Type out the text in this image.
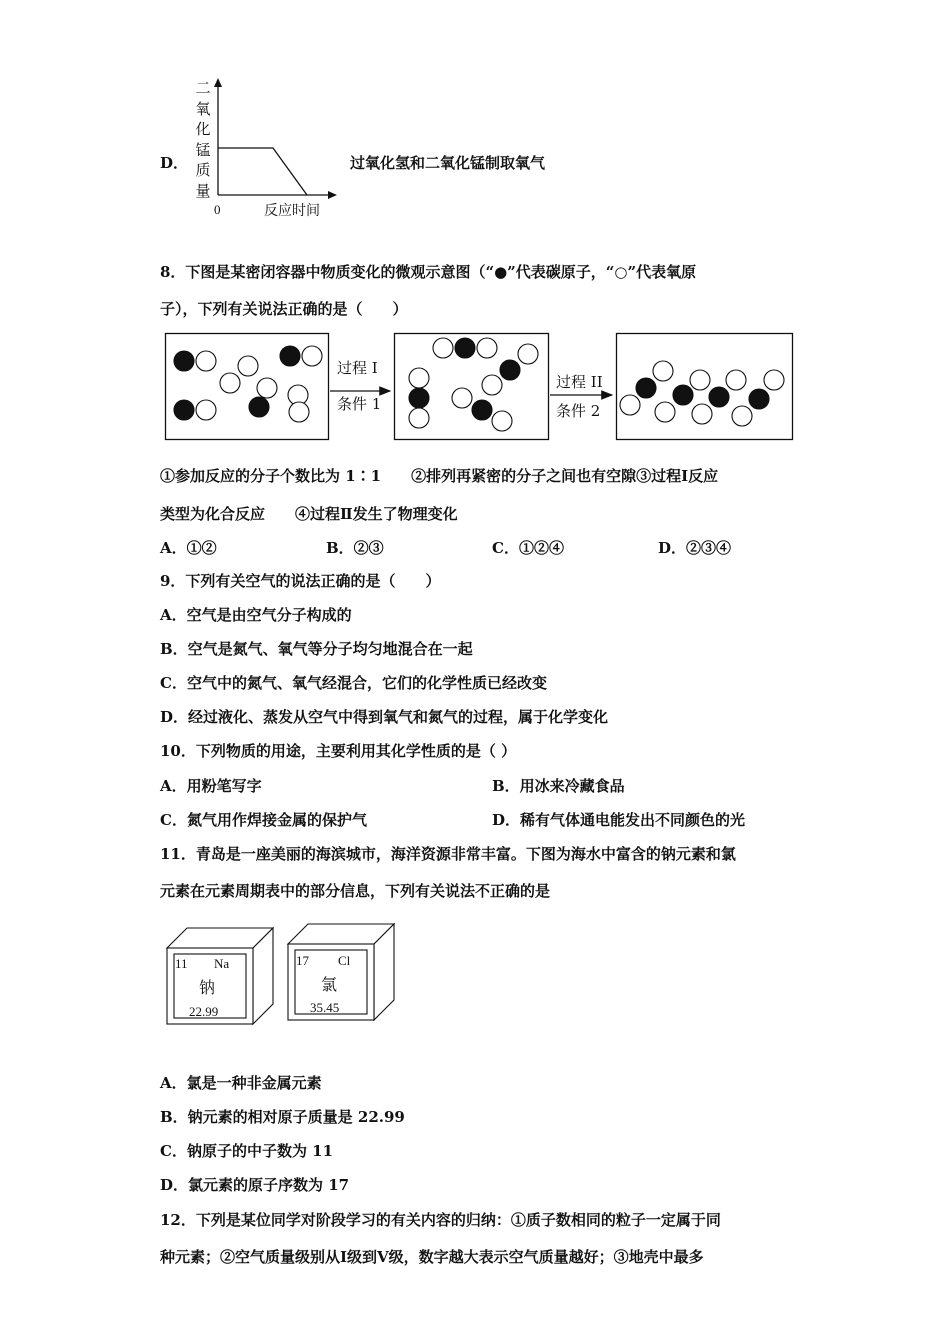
D．
二
氧
化
锰
质
量
0	反应时间
过氧化氢和二氧化锰制取氧气
8．下图是某密闭容器中物质变化的微观示意图（“●”代表碳原子，“○”代表氧原
子），下列有关说法正确的是（　　）
过程 I
条件 1
过程 II
条件 2
①参加反应的分子个数比为 1∶1　　②排列再紧密的分子之间也有空隙③过程Ⅰ反应
类型为化合反应　　④过程Ⅱ发生了物理变化
A．①②	B．②③	C．①②④	D．②③④
9．下列有关空气的说法正确的是（　　）
A．空气是由空气分子构成的
B．空气是氮气、氧气等分子均匀地混合在一起
C．空气中的氮气、氧气经混合，它们的化学性质已经改变
D．经过液化、蒸发从空气中得到氧气和氮气的过程，属于化学变化
10．下列物质的用途，主要利用其化学性质的是（ ）
A．用粉笔写字	B．用冰来冷藏食品
C．氮气用作焊接金属的保护气	D．稀有气体通电能发出不同颜色的光
11．青岛是一座美丽的海滨城市，海洋资源非常丰富。下图为海水中富含的钠元素和氯
元素在元素周期表中的部分信息，下列有关说法不正确的是
11 Na
钠
22.99
17 Cl
氯
35.45
A．氯是一种非金属元素
B．钠元素的相对原子质量是 22.99
C．钠原子的中子数为 11
D．氯元素的原子序数为 17
12．下列是某位同学对阶段学习的有关内容的归纳：①质子数相同的粒子一定属于同
种元素；②空气质量级别从Ⅰ级到Ⅴ级，数字越大表示空气质量越好；③地壳中最多
